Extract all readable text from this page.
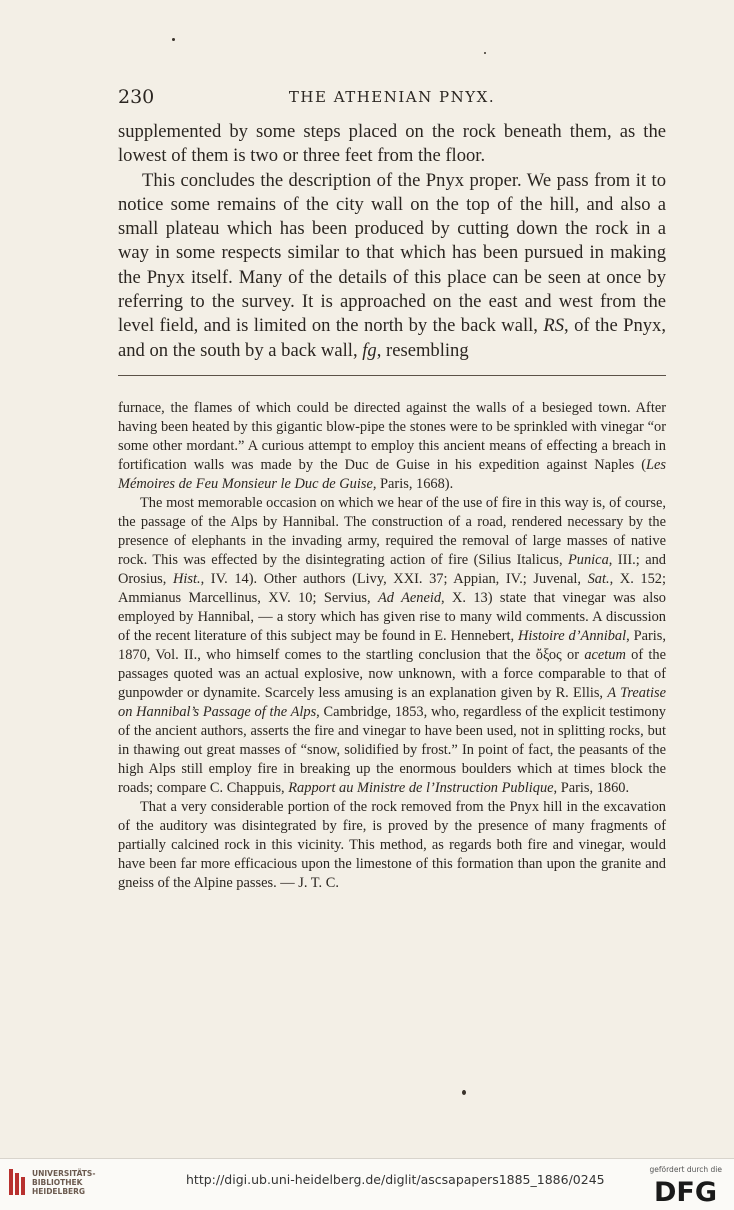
230	THE ATHENIAN PNYX.

supplemented by some steps placed on the rock beneath them, as the lowest of them is two or three feet from the floor.

This concludes the description of the Pnyx proper. We pass from it to notice some remains of the city wall on the top of the hill, and also a small plateau which has been produced by cutting down the rock in a way in some respects similar to that which has been pursued in making the Pnyx itself. Many of the details of this place can be seen at once by referring to the survey. It is approached on the east and west from the level field, and is limited on the north by the back wall, RS, of the Pnyx, and on the south by a back wall, fg, resembling

furnace, the flames of which could be directed against the walls of a besieged town. After having been heated by this gigantic blow-pipe the stones were to be sprinkled with vinegar “or some other mordant.” A curious attempt to employ this ancient means of effecting a breach in fortification walls was made by the Duc de Guise in his expedition against Naples (Les Mémoires de Feu Monsieur le Duc de Guise, Paris, 1668).

The most memorable occasion on which we hear of the use of fire in this way is, of course, the passage of the Alps by Hannibal. The construction of a road, rendered necessary by the presence of elephants in the invading army, required the removal of large masses of native rock. This was effected by the disintegrating action of fire (Silius Italicus, Punica, III.; and Orosius, Hist., IV. 14). Other authors (Livy, XXI. 37; Appian, IV.; Juvenal, Sat., X. 152; Ammianus Marcellinus, XV. 10; Servius, Ad Aeneid, X. 13) state that vinegar was also employed by Hannibal, — a story which has given rise to many wild comments. A discussion of the recent literature of this subject may be found in E. Hennebert, Histoire d’Annibal, Paris, 1870, Vol. II., who himself comes to the startling conclusion that the ὄξος or acetum of the passages quoted was an actual explosive, now unknown, with a force comparable to that of gunpowder or dynamite. Scarcely less amusing is an explanation given by R. Ellis, A Treatise on Hannibal’s Passage of the Alps, Cambridge, 1853, who, regardless of the explicit testimony of the ancient authors, asserts the fire and vinegar to have been used, not in splitting rocks, but in thawing out great masses of “snow, solidified by frost.” In point of fact, the peasants of the high Alps still employ fire in breaking up the enormous boulders which at times block the roads; compare C. Chappuis, Rapport au Ministre de l’Instruction Publique, Paris, 1860.

That a very considerable portion of the rock removed from the Pnyx hill in the excavation of the auditory was disintegrated by fire, is proved by the presence of many fragments of partially calcined rock in this vicinity. This method, as regards both fire and vinegar, would have been far more efficacious upon the limestone of this formation than upon the granite and gneiss of the Alpine passes. — J. T. C.

UNIVERSITÄTS-
BIBLIOTHEK
HEIDELBERG
http://digi.ub.uni-heidelberg.de/diglit/ascsapapers1885_1886/0245
gefördert durch die
DFG
